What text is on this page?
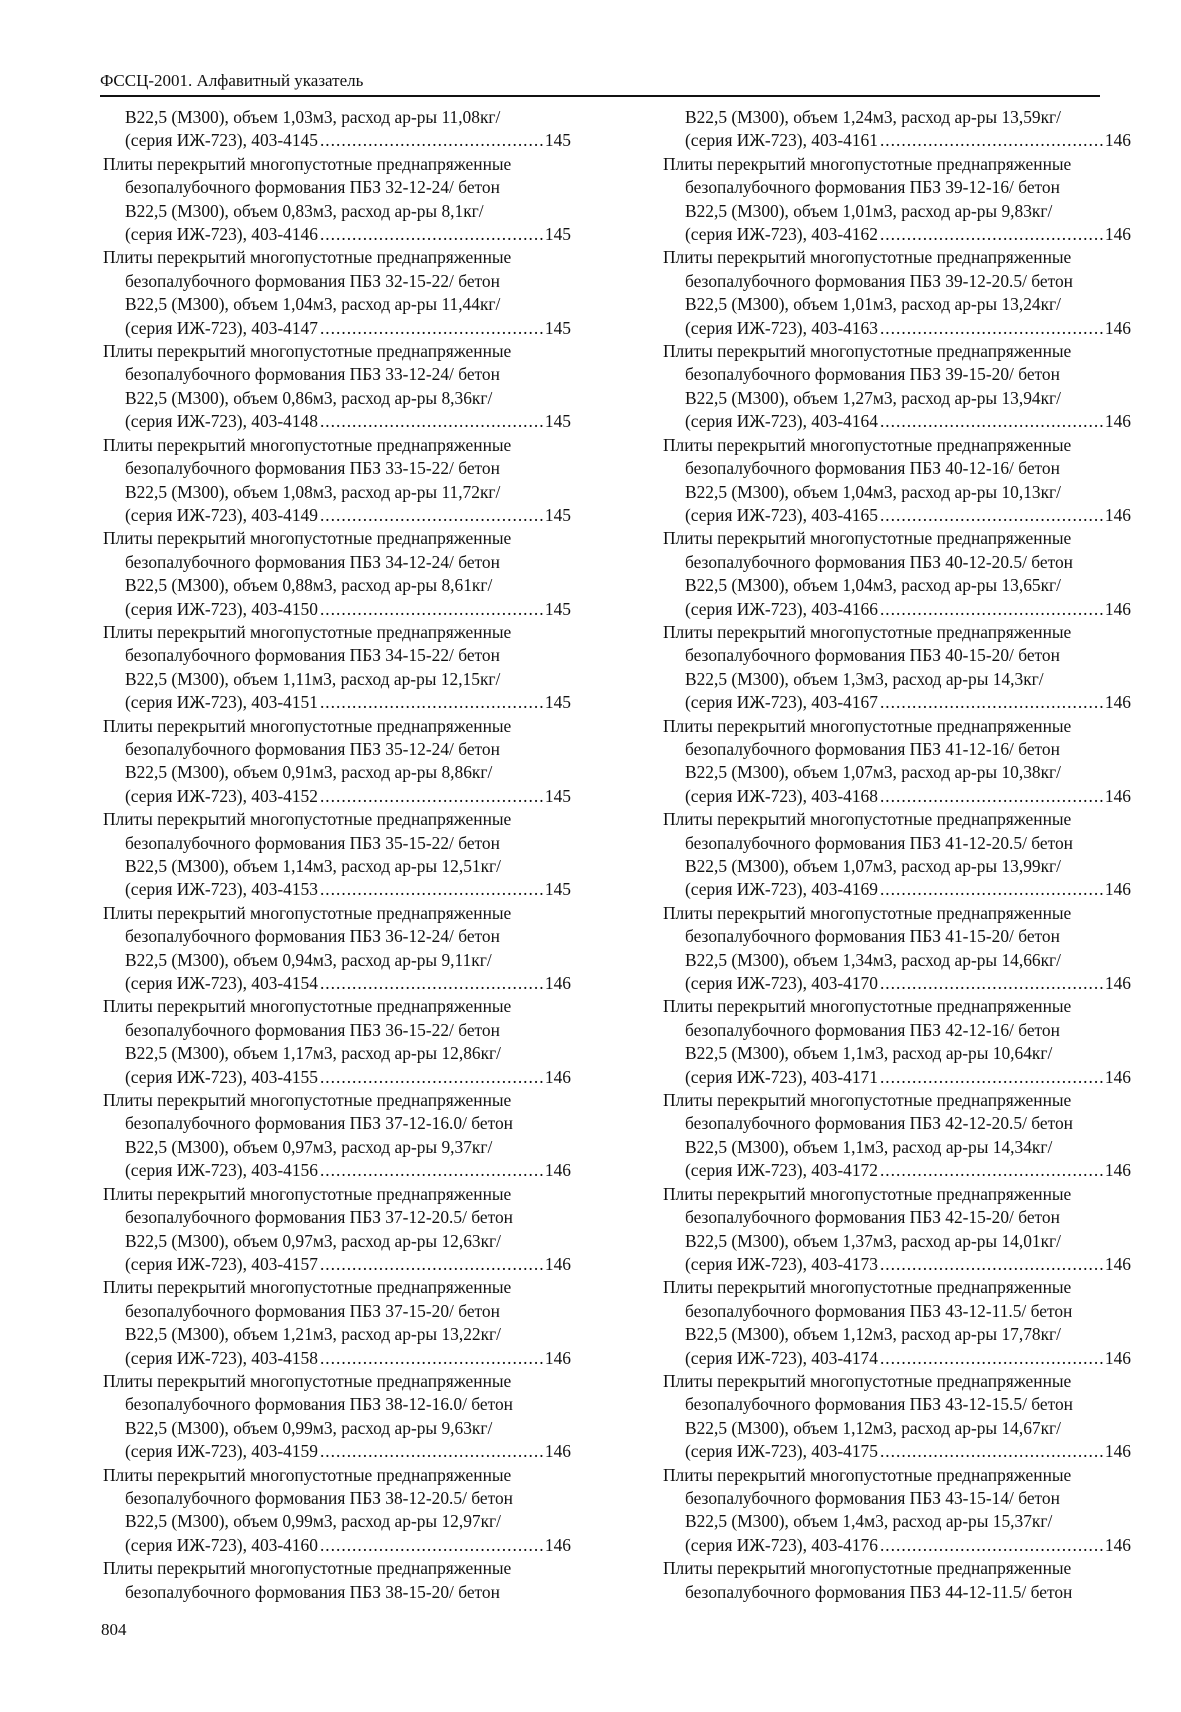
ФССЦ-2001. Алфавитный указатель
В22,5 (М300), объем 1,03м3, расход ар-ры 11,08кг/
(серия ИЖ-723), 403-4145 .....	145
Плиты перекрытий многопустотные преднапряженные
безопалубочного формования ПБЗ 32-12-24/ бетон
В22,5 (М300), объем 0,83м3, расход ар-ры 8,1кг/
(серия ИЖ-723), 403-4146 .....	145
Плиты перекрытий многопустотные преднапряженные
безопалубочного формования ПБЗ 32-15-22/ бетон
В22,5 (М300), объем 1,04м3, расход ар-ры 11,44кг/
(серия ИЖ-723), 403-4147 .....	145
Плиты перекрытий многопустотные преднапряженные
безопалубочного формования ПБЗ 33-12-24/ бетон
В22,5 (М300), объем 0,86м3, расход ар-ры 8,36кг/
(серия ИЖ-723), 403-4148 .....	145
Плиты перекрытий многопустотные преднапряженные
безопалубочного формования ПБЗ 33-15-22/ бетон
В22,5 (М300), объем 1,08м3, расход ар-ры 11,72кг/
(серия ИЖ-723), 403-4149 .....	145
Плиты перекрытий многопустотные преднапряженные
безопалубочного формования ПБЗ 34-12-24/ бетон
В22,5 (М300), объем 0,88м3, расход ар-ры 8,61кг/
(серия ИЖ-723), 403-4150 .....	145
Плиты перекрытий многопустотные преднапряженные
безопалубочного формования ПБЗ 34-15-22/ бетон
В22,5 (М300), объем 1,11м3, расход ар-ры 12,15кг/
(серия ИЖ-723), 403-4151 .....	145
Плиты перекрытий многопустотные преднапряженные
безопалубочного формования ПБЗ 35-12-24/ бетон
В22,5 (М300), объем 0,91м3, расход ар-ры 8,86кг/
(серия ИЖ-723), 403-4152 .....	145
Плиты перекрытий многопустотные преднапряженные
безопалубочного формования ПБЗ 35-15-22/ бетон
В22,5 (М300), объем 1,14м3, расход ар-ры 12,51кг/
(серия ИЖ-723), 403-4153 .....	145
Плиты перекрытий многопустотные преднапряженные
безопалубочного формования ПБЗ 36-12-24/ бетон
В22,5 (М300), объем 0,94м3, расход ар-ры 9,11кг/
(серия ИЖ-723), 403-4154 .....	146
Плиты перекрытий многопустотные преднапряженные
безопалубочного формования ПБЗ 36-15-22/ бетон
В22,5 (М300), объем 1,17м3, расход ар-ры 12,86кг/
(серия ИЖ-723), 403-4155 .....	146
Плиты перекрытий многопустотные преднапряженные
безопалубочного формования ПБЗ 37-12-16.0/ бетон
В22,5 (М300), объем 0,97м3, расход ар-ры 9,37кг/
(серия ИЖ-723), 403-4156 .....	146
Плиты перекрытий многопустотные преднапряженные
безопалубочного формования ПБЗ 37-12-20.5/ бетон
В22,5 (М300), объем 0,97м3, расход ар-ры 12,63кг/
(серия ИЖ-723), 403-4157 .....	146
Плиты перекрытий многопустотные преднапряженные
безопалубочного формования ПБЗ 37-15-20/ бетон
В22,5 (М300), объем 1,21м3, расход ар-ры 13,22кг/
(серия ИЖ-723), 403-4158 .....	146
Плиты перекрытий многопустотные преднапряженные
безопалубочного формования ПБЗ 38-12-16.0/ бетон
В22,5 (М300), объем 0,99м3, расход ар-ры 9,63кг/
(серия ИЖ-723), 403-4159 .....	146
Плиты перекрытий многопустотные преднапряженные
безопалубочного формования ПБЗ 38-12-20.5/ бетон
В22,5 (М300), объем 0,99м3, расход ар-ры 12,97кг/
(серия ИЖ-723), 403-4160 .....	146
Плиты перекрытий многопустотные преднапряженные
безопалубочного формования ПБЗ 38-15-20/ бетон
В22,5 (М300), объем 1,24м3, расход ар-ры 13,59кг/
(серия ИЖ-723), 403-4161 .....	146
Плиты перекрытий многопустотные преднапряженные
безопалубочного формования ПБЗ 39-12-16/ бетон
В22,5 (М300), объем 1,01м3, расход ар-ры 9,83кг/
(серия ИЖ-723), 403-4162 .....	146
Плиты перекрытий многопустотные преднапряженные
безопалубочного формования ПБЗ 39-12-20.5/ бетон
В22,5 (М300), объем 1,01м3, расход ар-ры 13,24кг/
(серия ИЖ-723), 403-4163 .....	146
Плиты перекрытий многопустотные преднапряженные
безопалубочного формования ПБЗ 39-15-20/ бетон
В22,5 (М300), объем 1,27м3, расход ар-ры 13,94кг/
(серия ИЖ-723), 403-4164 .....	146
Плиты перекрытий многопустотные преднапряженные
безопалубочного формования ПБЗ 40-12-16/ бетон
В22,5 (М300), объем 1,04м3, расход ар-ры 10,13кг/
(серия ИЖ-723), 403-4165 .....	146
Плиты перекрытий многопустотные преднапряженные
безопалубочного формования ПБЗ 40-12-20.5/ бетон
В22,5 (М300), объем 1,04м3, расход ар-ры 13,65кг/
(серия ИЖ-723), 403-4166 .....	146
Плиты перекрытий многопустотные преднапряженные
безопалубочного формования ПБЗ 40-15-20/ бетон
В22,5 (М300), объем 1,3м3, расход ар-ры 14,3кг/
(серия ИЖ-723), 403-4167 .....	146
Плиты перекрытий многопустотные преднапряженные
безопалубочного формования ПБЗ 41-12-16/ бетон
В22,5 (М300), объем 1,07м3, расход ар-ры 10,38кг/
(серия ИЖ-723), 403-4168 .....	146
Плиты перекрытий многопустотные преднапряженные
безопалубочного формования ПБЗ 41-12-20.5/ бетон
В22,5 (М300), объем 1,07м3, расход ар-ры 13,99кг/
(серия ИЖ-723), 403-4169 .....	146
Плиты перекрытий многопустотные преднапряженные
безопалубочного формования ПБЗ 41-15-20/ бетон
В22,5 (М300), объем 1,34м3, расход ар-ры 14,66кг/
(серия ИЖ-723), 403-4170 .....	146
Плиты перекрытий многопустотные преднапряженные
безопалубочного формования ПБЗ 42-12-16/ бетон
В22,5 (М300), объем 1,1м3, расход ар-ры 10,64кг/
(серия ИЖ-723), 403-4171 .....	146
Плиты перекрытий многопустотные преднапряженные
безопалубочного формования ПБЗ 42-12-20.5/ бетон
В22,5 (М300), объем 1,1м3, расход ар-ры 14,34кг/
(серия ИЖ-723), 403-4172 .....	146
Плиты перекрытий многопустотные преднапряженные
безопалубочного формования ПБЗ 42-15-20/ бетон
В22,5 (М300), объем 1,37м3, расход ар-ры 14,01кг/
(серия ИЖ-723), 403-4173 .....	146
Плиты перекрытий многопустотные преднапряженные
безопалубочного формования ПБЗ 43-12-11.5/ бетон
В22,5 (М300), объем 1,12м3, расход ар-ры 17,78кг/
(серия ИЖ-723), 403-4174 .....	146
Плиты перекрытий многопустотные преднапряженные
безопалубочного формования ПБЗ 43-12-15.5/ бетон
В22,5 (М300), объем 1,12м3, расход ар-ры 14,67кг/
(серия ИЖ-723), 403-4175 .....	146
Плиты перекрытий многопустотные преднапряженные
безопалубочного формования ПБЗ 43-15-14/ бетон
В22,5 (М300), объем 1,4м3, расход ар-ры 15,37кг/
(серия ИЖ-723), 403-4176 .....	146
Плиты перекрытий многопустотные преднапряженные
безопалубочного формования ПБЗ 44-12-11.5/ бетон
804
